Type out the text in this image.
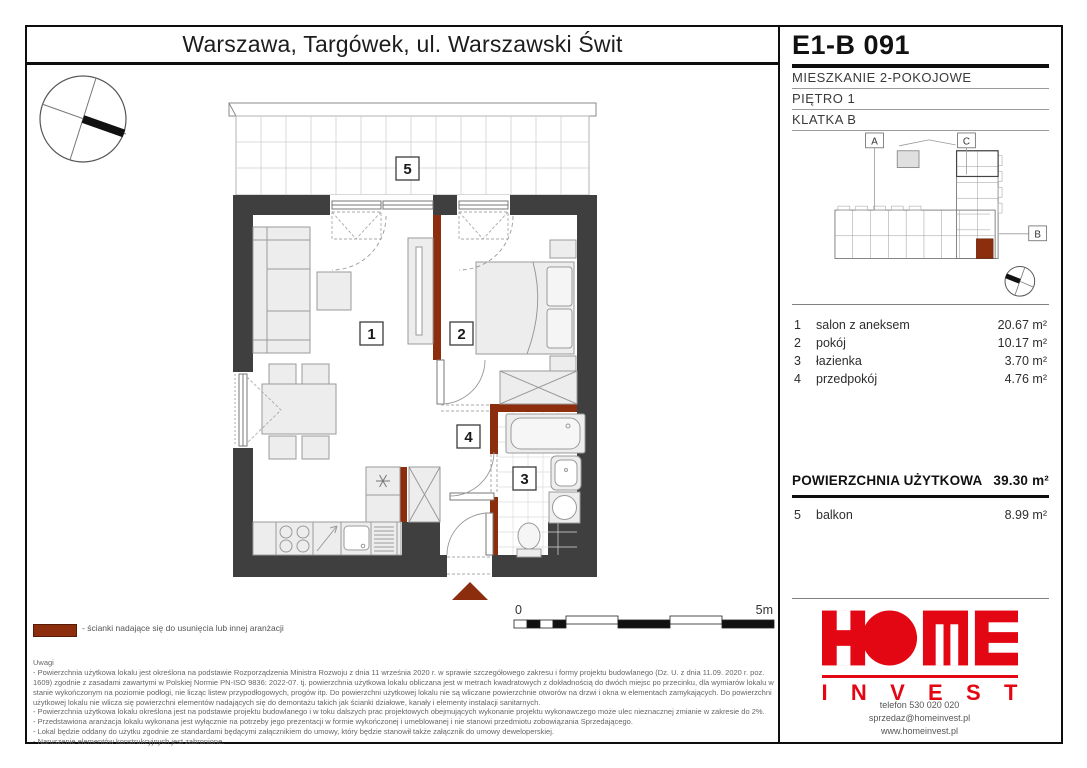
Warszawa, Targówek, ul. Warszawski Świt
5
1	2
4
3
0	5m
- ścianki nadające się do usunięcia lub innej aranżacji

Uwagi

- Powierzchnia użytkowa lokalu jest określona na podstawie Rozporządzenia Ministra Rozwoju z dnia 11 września 2020 r. w sprawie szczegółowego zakresu i formy projektu budowlanego (Dz. U. z dnia 11.09. 2020 r. poz. 1609) zgodnie z zasadami zawartymi w Polskiej Normie PN-ISO 9836: 2022-07. tj. powierzchnia użytkowa lokalu obliczana jest w metrach kwadratowych z dokładnością do dwóch miejsc po przecinku, dla wymiarów lokalu w stanie wykończonym na poziomie podłogi, nie licząc listew przypodłogowych, progów itp. Do powierzchni użytkowej lokalu nie są wliczane powierzchnie otworów na drzwi i okna w elementach zamykających. Do powierzchni użytkowej lokalu nie wlicza się powierzchni elementów nadających się do demontażu takich jak ścianki działowe, kanały i elementy instalacji sanitarnych.

- Powierzchnia użytkowa lokalu określona jest na podstawie projektu budowlanego i w toku dalszych prac projektowych obejmujących wykonanie projektu wykonawczego może ulec nieznacznej zmianie w zakresie do 2%.

- Przedstawiona aranżacja lokalu wykonana jest wyłącznie na potrzeby jego prezentacji w formie wykończonej i umeblowanej i nie stanowi przedmiotu zobowiązania Sprzedającego.

- Lokal będzie oddany do użytku zgodnie ze standardami będącymi załącznikiem do umowy, który będzie stanowił także załącznik do umowy deweloperskiej.

- Naruszenie elementów konstrukcyjnych jest zabronione.

E1-B 091
MIESZKANIE 2-POKOJOWE
PIĘTRO 1
KLATKA B
A	C
B
1	salon z aneksem	20.67 m²
2	pokój	10.17 m²
3	łazienka	3.70 m²
4	przedpokój	4.76 m²
POWIERZCHNIA UŻYTKOWA 39.30 m²
5	balkon	8.99 m²
I N V E S T
telefon 530 020 020
sprzedaz@homeinvest.pl
www.homeinvest.pl
